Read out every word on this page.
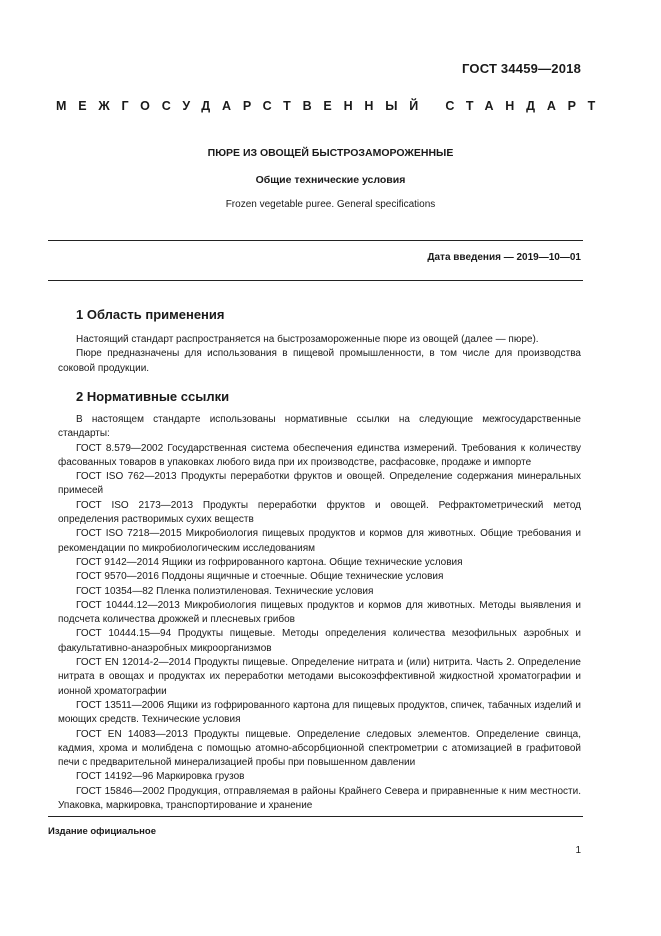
ГОСТ 34459—2018
МЕЖГОСУДАРСТВЕННЫЙ СТАНДАРТ
ПЮРЕ ИЗ ОВОЩЕЙ БЫСТРОЗАМОРОЖЕННЫЕ
Общие технические условия
Frozen vegetable puree. General specifications
Дата введения — 2019—10—01
1 Область применения

Настоящий стандарт распространяется на быстрозамороженные пюре из овощей (далее — пюре).

Пюре предназначены для использования в пищевой промышленности, в том числе для производства соковой продукции.

2 Нормативные ссылки

В настоящем стандарте использованы нормативные ссылки на следующие межгосударственные стандарты:

ГОСТ 8.579—2002 Государственная система обеспечения единства измерений. Требования к количеству фасованных товаров в упаковках любого вида при их производстве, расфасовке, продаже и импорте

ГОСТ ISO 762—2013 Продукты переработки фруктов и овощей. Определение содержания минеральных примесей

ГОСТ ISO 2173—2013 Продукты переработки фруктов и овощей. Рефрактометрический метод определения растворимых сухих веществ

ГОСТ ISO 7218—2015 Микробиология пищевых продуктов и кормов для животных. Общие требования и рекомендации по микробиологическим исследованиям

ГОСТ 9142—2014 Ящики из гофрированного картона. Общие технические условия

ГОСТ 9570—2016 Поддоны ящичные и стоечные. Общие технические условия

ГОСТ 10354—82 Пленка полиэтиленовая. Технические условия

ГОСТ 10444.12—2013 Микробиология пищевых продуктов и кормов для животных. Методы выявления и подсчета количества дрожжей и плесневых грибов

ГОСТ 10444.15—94 Продукты пищевые. Методы определения количества мезофильных аэробных и факультативно-анаэробных микроорганизмов

ГОСТ EN 12014-2—2014 Продукты пищевые. Определение нитрата и (или) нитрита. Часть 2. Определение нитрата в овощах и продуктах их переработки методами высокоэффективной жидкостной хроматографии и ионной хроматографии

ГОСТ 13511—2006 Ящики из гофрированного картона для пищевых продуктов, спичек, табачных изделий и моющих средств. Технические условия

ГОСТ EN 14083—2013 Продукты пищевые. Определение следовых элементов. Определение свинца, кадмия, хрома и молибдена с помощью атомно-абсорбционной спектрометрии с атомизацией в графитовой печи с предварительной минерализацией пробы при повышенном давлении

ГОСТ 14192—96 Маркировка грузов

ГОСТ 15846—2002 Продукция, отправляемая в районы Крайнего Севера и приравненные к ним местности. Упаковка, маркировка, транспортирование и хранение

Издание официальное
1
